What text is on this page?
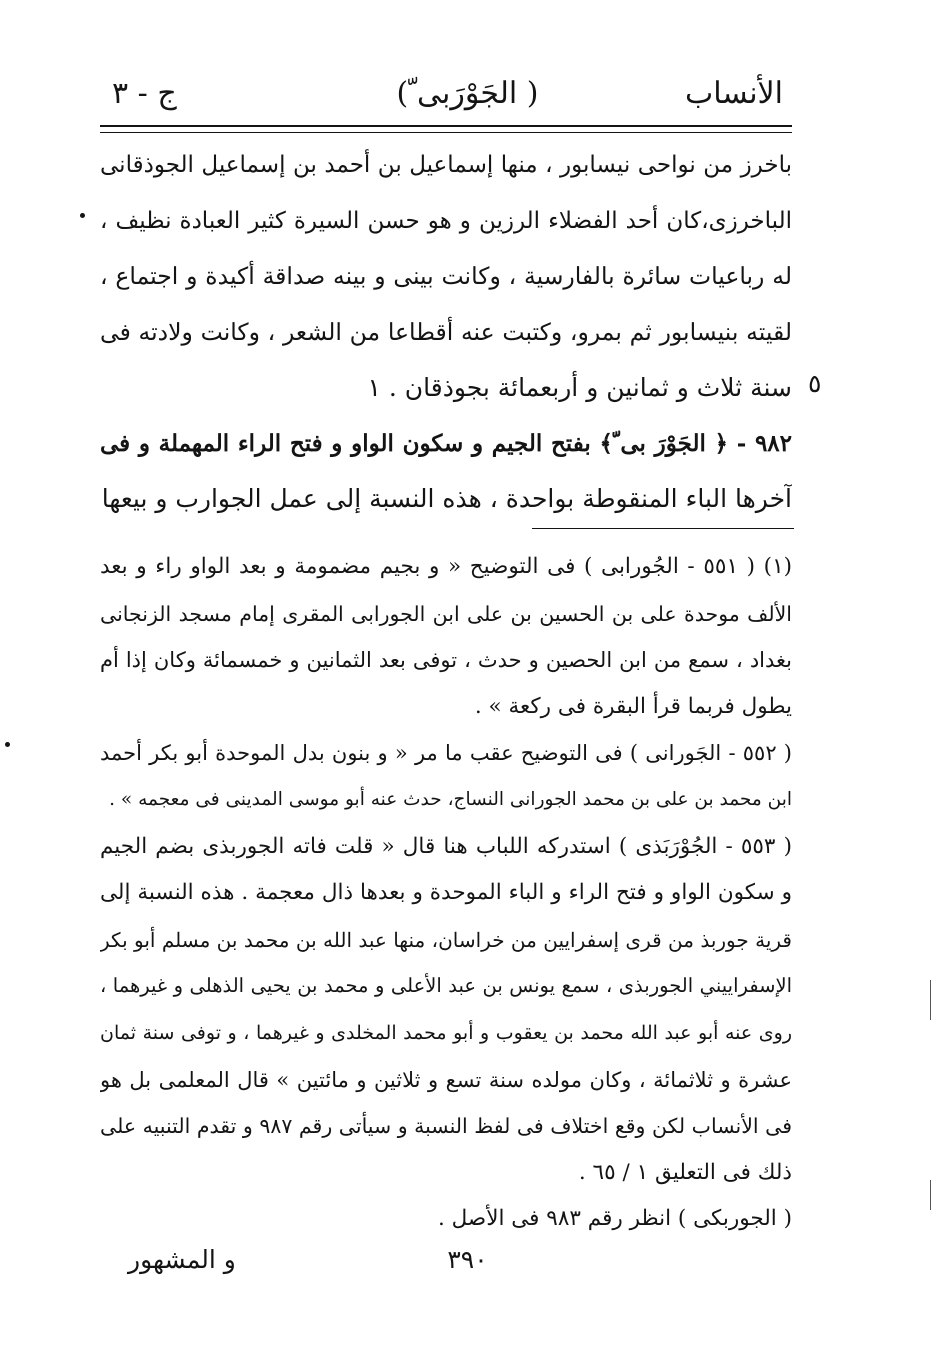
الأنساب
( الجَوْرَبى ّ)
ج - ٣
باخرز من نواحى نيسابور ، منها إسماعيل بن أحمد بن إسماعيل الجوذقانى
الباخرزى،كان أحد الفضلاء الرزين و هو حسن السيرة كثير العبادة نظيف ،
له رباعيات سائرة بالفارسية ، وكانت بينى و بينه صداقة أكيدة و اجتماع ،
لقيته بنيسابور ثم بمرو، وكتبت عنه أقطاعا من الشعر ، وكانت ولادته فى
سنة ثلاث و ثمانين و أربعمائة بجوذقان . ١
٩٨٢ - ﴿ الجَوْرَ بى ّ﴾ بفتح الجيم و سكون الواو و فتح الراء المهملة و فى
آخرها الباء المنقوطة بواحدة ، هذه النسبة إلى عمل الجوارب و بيعها
٥
(١) ( ٥٥١ - الجُورابى ) فى التوضيح « و بجيم مضمومة و بعد الواو راء و بعد
الألف موحدة على بن الحسين بن على ابن الجورابى المقرى إمام مسجد الزنجانى
بغداد ، سمع من ابن الحصين و حدث ، توفى بعد الثمانين و خمسمائة وكان إذا أم
يطول فربما قرأ البقرة فى ركعة » .
( ٥٥٢ - الجَورانى ) فى التوضيح عقب ما مر « و بنون بدل الموحدة أبو بكر أحمد
ابن محمد بن على بن محمد الجورانى النساج، حدث عنه أبو موسى المدينى فى معجمه » .
( ٥٥٣ - الجُوْرَبَذى ) استدركه اللباب هنا قال « قلت فاته الجوربذى بضم الجيم
و سكون الواو و فتح الراء و الباء الموحدة و بعدها ذال معجمة . هذه النسبة إلى
قرية جوربذ من قرى إسفرايين من خراسان، منها عبد الله بن محمد بن مسلم أبو بكر
الإسفراييني الجوربذى ، سمع يونس بن عبد الأعلى و محمد بن يحيى الذهلى و غيرهما ،
روى عنه أبو عبد الله محمد بن يعقوب و أبو محمد المخلدى و غيرهما ، و توفى سنة ثمان
عشرة و ثلاثمائة ، وكان مولده سنة تسع و ثلاثين و مائتين » قال المعلمى بل هو
فى الأنساب لكن وقع اختلاف فى لفظ النسبة و سيأتى رقم ٩٨٧ و تقدم التنبيه على
ذلك فى التعليق ١ / ٦٥ .
( الجوربكى ) انظر رقم ٩٨٣ فى الأصل .
٣٩٠
و المشهور
